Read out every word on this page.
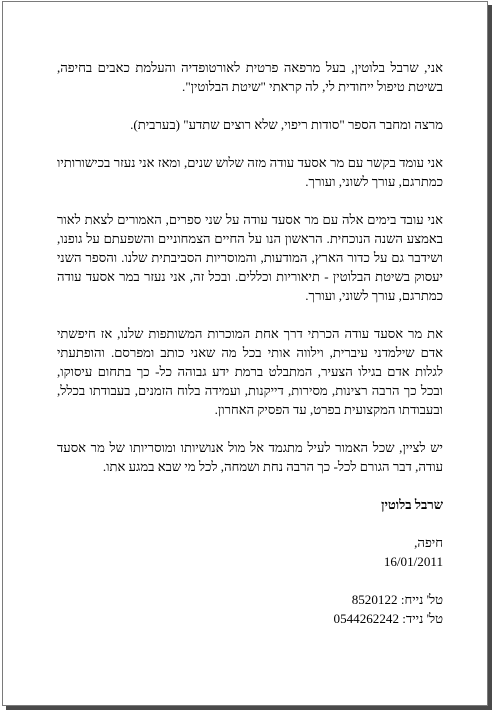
אני, שרבל בלוטין, בעל מרפאה פרטית לאורטופדיה והעלמת כאבים בחיפה, בשיטת טיפול ייחודית לי, לה קראתי "שיטת הבלוטין".

מרצה ומחבר הספר "סודות ריפוי, שלא רוצים שתדע" (בערבית).

אני עומד בקשר עם מר אסעד עודה מזה שלוש שנים, ומאז אני נעזר בכישורותיו כמתרגם, עורך לשוני, ועורך.

אני עובד בימים אלה עם מר אסעד עודה על שני ספרים, האמורים לצאת לאור באמצע השנה הנוכחית. הראשון הנו על החיים הצמחוניים והשפעתם על גופנו, ושידבר גם על כדור הארץ, המודעות, והמוסריות הסביבתית שלנו. והספר השני יעסוק בשיטת הבלוטין - תיאוריות וכללים. ובכל זה, אני נעזר במר אסעד עודה כמתרגם, עורך לשוני, ועורך.

את מר אסעד עודה הכרתי דרך אחת המוכרות המשותפות שלנו, אז חיפשתי אדם שילמדני עיברית, וילווה אותי בכל מה שאני כותב ומפרסם. והופתעתי לגלות אדם בגילו הצעיר, המתבלט ברמת ידע גבוהה כל- כך בתחום עיסוקו, ובכל כך הרבה רצינות, מסירות, דייקנות, ועמידה בלוח הזמנים, בעבודתו בכלל, ובעבודתו המקצועית בפרט, עד הפסיק האחרון.

יש לציין, שכל האמור לעיל מתגמד אל מול אנושיותו ומוסריותו של מר אסעד עודה, דבר הגורם לכל- כך הרבה נחת ושמחה, לכל מי שבא במגע אתו.

שרבל בלוטין

חיפה,

16/01/2011

טל' נייח: 8520122

טל' נייד: 0544262242
